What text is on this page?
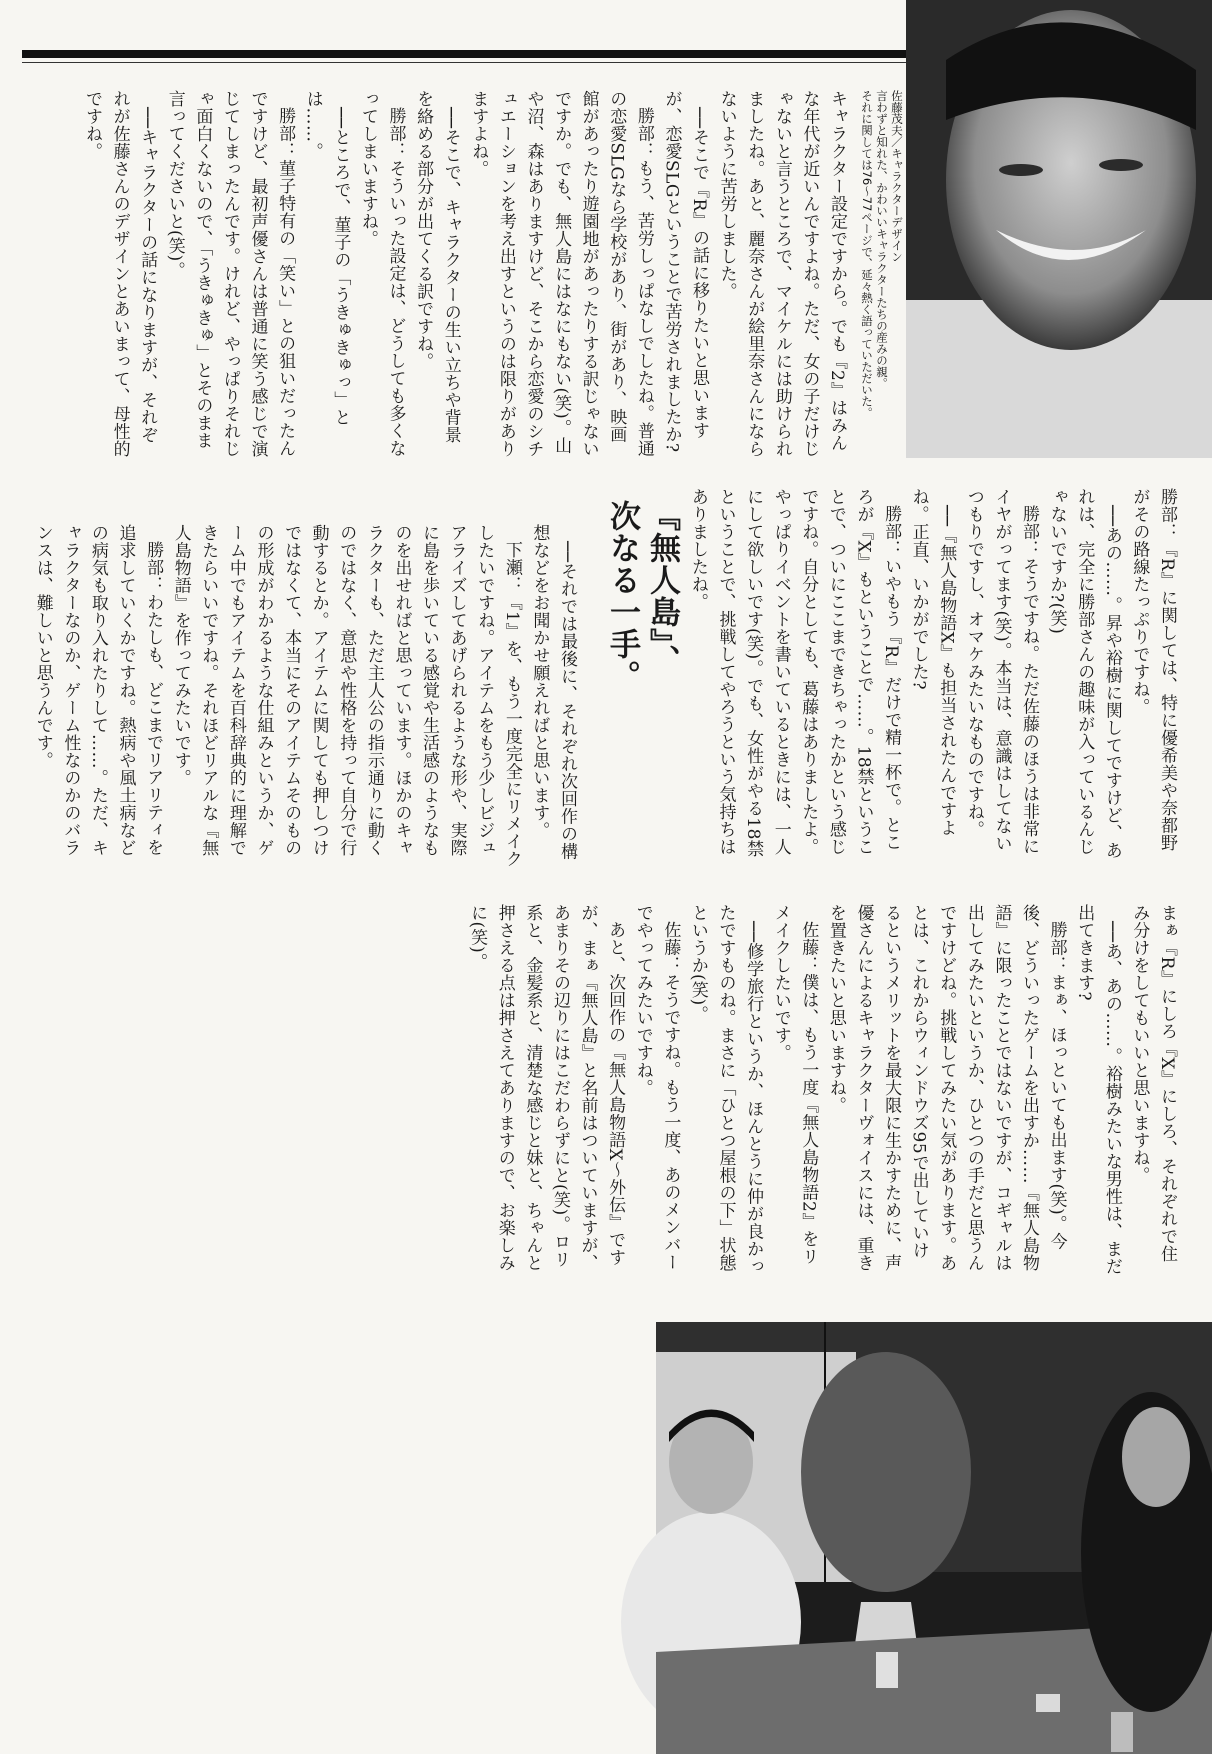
佐藤茂夫／キャラクターデザイン

言わずと知れた、かわいいキャラクターたちの産みの親。

それに関しては76～77ページで、延々熱く語っていただいた。

キャラクター設定ですから。でも『2』はみんな年代が近いんですよね。ただ、女の子だけじゃないと言うところで、マイケルには助けられましたね。あと、麗奈さんが絵里奈さんにならないように苦労しました。

──そこで『R』の話に移りたいと思いますが、恋愛SLGということで苦労されましたか?

勝部：もう、苦労しっぱなしでしたね。普通の恋愛SLGなら学校があり、街があり、映画館があったり遊園地があったりする訳じゃないですか。でも、無人島にはなにもない(笑)。山や沼、森はありますけど、そこから恋愛のシチュエーションを考え出すというのは限りがありますよね。

──そこで、キャラクターの生い立ちや背景を絡める部分が出てくる訳ですね。

勝部：そういった設定は、どうしても多くなってしまいますね。

──ところで、菫子の「うきゅきゅっ」とは……。

勝部：菫子特有の「笑い」との狙いだったんですけど、最初声優さんは普通に笑う感じで演じてしまったんです。けれど、やっぱりそれじゃ面白くないので、「うきゅきゅ」とそのまま言ってくださいと(笑)。

──キャラクターの話になりますが、それぞれが佐藤さんのデザインとあいまって、母性的ですね。

勝部：『R』に関しては、特に優希美や奈都野がその路線たっぷりですね。

──あの……。昇や裕樹に関してですけど、あれは、完全に勝部さんの趣味が入っているんじゃないですか?(笑)

勝部：そうですね。ただ佐藤のほうは非常にイヤがってます(笑)。本当は、意識はしてないつもりですし、オマケみたいなものですね。

──『無人島物語X』も担当されたんですよね。正直、いかがでした?

勝部：いやもう『R』だけで精一杯で。ところが『X』もということで……。18禁ということで、ついにここまできちゃったかという感じですね。自分としても、葛藤はありましたよ。やっぱりイベントを書いているときには、一人にして欲しいです(笑)。でも、女性がやる18禁ということで、挑戦してやろうという気持ちはありましたね。

『無人島』、
次なる一手。

──それでは最後に、それぞれ次回作の構想などをお聞かせ願えればと思います。

下瀬：『1』を、もう一度完全にリメイクしたいですね。アイテムをもう少しビジュアライズしてあげられるような形や、実際に島を歩いている感覚や生活感のようなものを出せればと思っています。ほかのキャラクターも、ただ主人公の指示通りに動くのではなく、意思や性格を持って自分で行動するとか。アイテムに関しても押しつけではなくて、本当にそのアイテムそのものの形成がわかるような仕組みというか、ゲーム中でもアイテムを百科辞典的に理解できたらいいですね。それほどリアルな『無人島物語』を作ってみたいです。

勝部：わたしも、どこまでリアリティを追求していくかですね。熱病や風土病などの病気も取り入れたりして……。ただ、キャラクターなのか、ゲーム性なのかのバランスは、難しいと思うんです。

まぁ『R』にしろ『X』にしろ、それぞれで住み分けをしてもいいと思いますね。

──あ、あの……。裕樹みたいな男性は、まだ出てきます?

勝部：まぁ、ほっといても出ます(笑)。今後、どういったゲームを出すか……『無人島物語』に限ったことではないですが、コギャルは出してみたいというか、ひとつの手だと思うんですけどね。挑戦してみたい気があります。あとは、これからウィンドウズ95で出していけるというメリットを最大限に生かすために、声優さんによるキャラクターヴォイスには、重きを置きたいと思いますね。

佐藤：僕は、もう一度『無人島物語2』をリメイクしたいです。

──修学旅行というか、ほんとうに仲が良かったですものね。まさに「ひとつ屋根の下」状態というか(笑)。

佐藤：そうですね。もう一度、あのメンバーでやってみたいですね。

あと、次回作の『無人島物語X～外伝』ですが、まぁ『無人島』と名前はついていますが、あまりその辺りにはこだわらずにと(笑)。ロリ系と、金髪系と、清楚な感じと妹と、ちゃんと押さえる点は押さえてありますので、お楽しみに(笑)。
